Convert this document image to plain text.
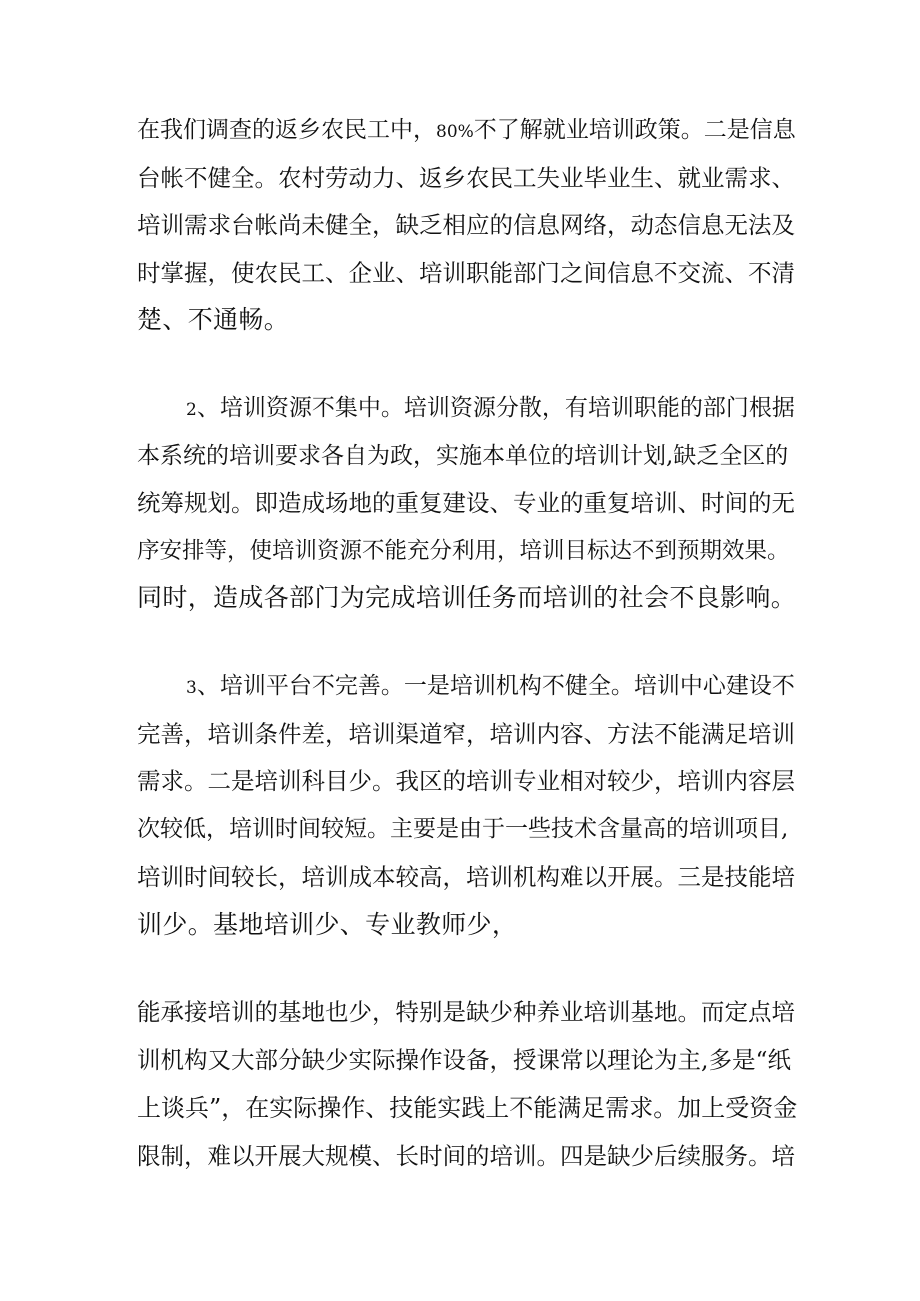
在我们调查的返乡农民工中，80%不了解就业培训政策。二是信息
台帐不健全。农村劳动力、返乡农民工失业毕业生、就业需求、
培训需求台帐尚未健全，缺乏相应的信息网络，动态信息无法及
时掌握，使农民工、企业、培训职能部门之间信息不交流、不清
楚、不通畅。
2、培训资源不集中。培训资源分散，有培训职能的部门根据
本系统的培训要求各自为政，实施本单位的培训计划,缺乏全区的
统筹规划。即造成场地的重复建设、专业的重复培训、时间的无
序安排等，使培训资源不能充分利用，培训目标达不到预期效果。
同时，造成各部门为完成培训任务而培训的社会不良影响。
3、培训平台不完善。一是培训机构不健全。培训中心建设不
完善，培训条件差，培训渠道窄，培训内容、方法不能满足培训
需求。二是培训科目少。我区的培训专业相对较少，培训内容层
次较低，培训时间较短。主要是由于一些技术含量高的培训项目,
培训时间较长，培训成本较高，培训机构难以开展。三是技能培
训少。基地培训少、专业教师少，
能承接培训的基地也少，特别是缺少种养业培训基地。而定点培
训机构又大部分缺少实际操作设备，授课常以理论为主,多是“纸
上谈兵”，在实际操作、技能实践上不能满足需求。加上受资金
限制，难以开展大规模、长时间的培训。四是缺少后续服务。培
